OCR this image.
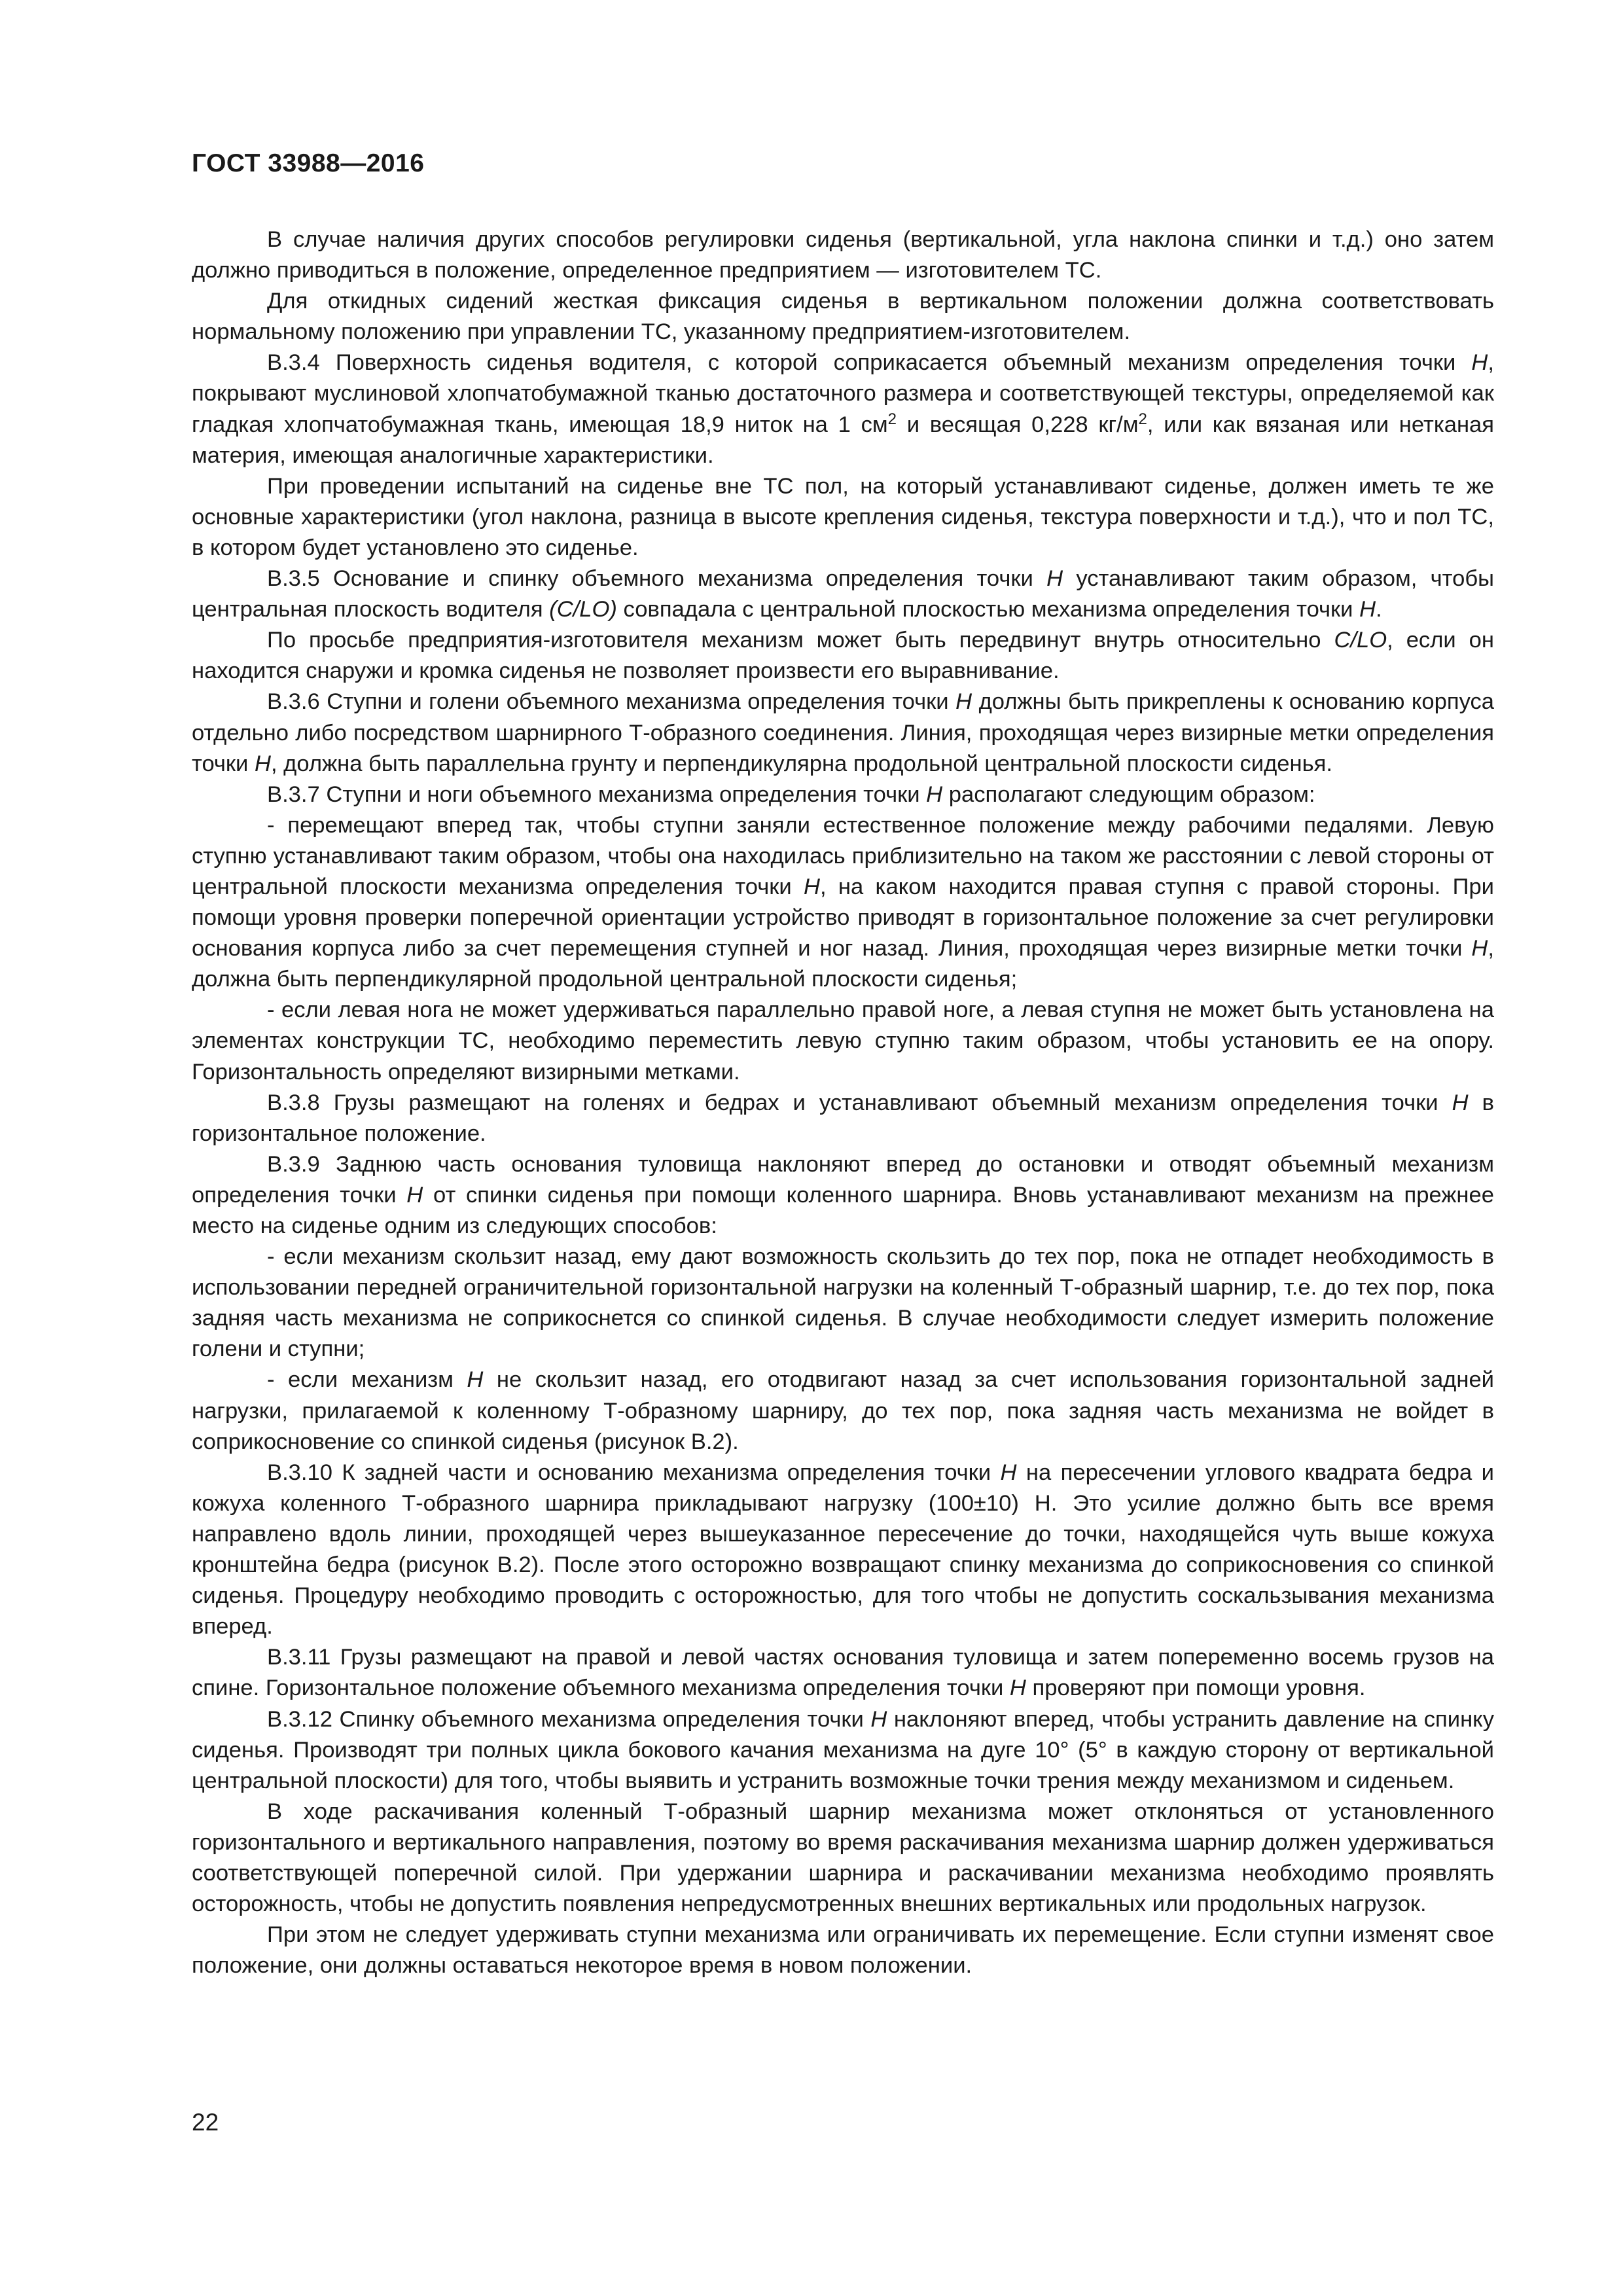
ГОСТ 33988—2016

В случае наличия других способов регулировки сиденья (вертикальной, угла наклона спинки и т.д.) оно затем должно приводиться в положение, определенное предприятием — изготовителем ТС.

Для откидных сидений жесткая фиксация сиденья в вертикальном положении должна соответствовать нормальному положению при управлении ТС, указанному предприятием-изготовителем.

В.3.4 Поверхность сиденья водителя, с которой соприкасается объемный механизм определения точки Н, покрывают муслиновой хлопчатобумажной тканью достаточного размера и соответствующей текстуры, определяемой как гладкая хлопчатобумажная ткань, имеющая 18,9 ниток на 1 $см^2$ и весящая 0,228 $кг/м^2$, или как вязаная или нетканая материя, имеющая аналогичные характеристики.

При проведении испытаний на сиденье вне ТС пол, на который устанавливают сиденье, должен иметь те же основные характеристики (угол наклона, разница в высоте крепления сиденья, текстура поверхности и т.д.), что и пол ТС, в котором будет установлено это сиденье.

В.3.5 Основание и спинку объемного механизма определения точки Н устанавливают таким образом, чтобы центральная плоскость водителя (C/LO) совпадала с центральной плоскостью механизма определения точки Н.

По просьбе предприятия-изготовителя механизм может быть передвинут внутрь относительно C/LO, если он находится снаружи и кромка сиденья не позволяет произвести его выравнивание.

В.3.6 Ступни и голени объемного механизма определения точки Н должны быть прикреплены к основанию корпуса отдельно либо посредством шарнирного Т-образного соединения. Линия, проходящая через визирные метки определения точки Н, должна быть параллельна грунту и перпендикулярна продольной центральной плоскости сиденья.

В.3.7 Ступни и ноги объемного механизма определения точки Н располагают следующим образом:

- перемещают вперед так, чтобы ступни заняли естественное положение между рабочими педалями. Левую ступню устанавливают таким образом, чтобы она находилась приблизительно на таком же расстоянии с левой стороны от центральной плоскости механизма определения точки Н, на каком находится правая ступня с правой стороны. При помощи уровня проверки поперечной ориентации устройство приводят в горизонтальное положение за счет регулировки основания корпуса либо за счет перемещения ступней и ног назад. Линия, проходящая через визирные метки точки Н, должна быть перпендикулярной продольной центральной плоскости сиденья;

- если левая нога не может удерживаться параллельно правой ноге, а левая ступня не может быть установлена на элементах конструкции ТС, необходимо переместить левую ступню таким образом, чтобы установить ее на опору. Горизонтальность определяют визирными метками.

В.3.8 Грузы размещают на голенях и бедрах и устанавливают объемный механизм определения точки Н в горизонтальное положение.

В.3.9 Заднюю часть основания туловища наклоняют вперед до остановки и отводят объемный механизм определения точки Н от спинки сиденья при помощи коленного шарнира. Вновь устанавливают механизм на прежнее место на сиденье одним из следующих способов:

- если механизм скользит назад, ему дают возможность скользить до тех пор, пока не отпадет необходимость в использовании передней ограничительной горизонтальной нагрузки на коленный Т-образный шарнир, т.е. до тех пор, пока задняя часть механизма не соприкоснется со спинкой сиденья. В случае необходимости следует измерить положение голени и ступни;

- если механизм Н не скользит назад, его отодвигают назад за счет использования горизонтальной задней нагрузки, прилагаемой к коленному Т-образному шарниру, до тех пор, пока задняя часть механизма не войдет в соприкосновение со спинкой сиденья (рисунок В.2).

В.3.10 К задней части и основанию механизма определения точки Н на пересечении углового квадрата бедра и кожуха коленного Т-образного шарнира прикладывают нагрузку (100±10) Н. Это усилие должно быть все время направлено вдоль линии, проходящей через вышеуказанное пересечение до точки, находящейся чуть выше кожуха кронштейна бедра (рисунок В.2). После этого осторожно возвращают спинку механизма до соприкосновения со спинкой сиденья. Процедуру необходимо проводить с осторожностью, для того чтобы не допустить соскальзывания механизма вперед.

В.3.11 Грузы размещают на правой и левой частях основания туловища и затем попеременно восемь грузов на спине. Горизонтальное положение объемного механизма определения точки Н проверяют при помощи уровня.

В.3.12 Спинку объемного механизма определения точки Н наклоняют вперед, чтобы устранить давление на спинку сиденья. Производят три полных цикла бокового качания механизма на дуге 10° (5° в каждую сторону от вертикальной центральной плоскости) для того, чтобы выявить и устранить возможные точки трения между механизмом и сиденьем.

В ходе раскачивания коленный Т-образный шарнир механизма может отклоняться от установленного горизонтального и вертикального направления, поэтому во время раскачивания механизма шарнир должен удерживаться соответствующей поперечной силой. При удержании шарнира и раскачивании механизма необходимо проявлять осторожность, чтобы не допустить появления непредусмотренных внешних вертикальных или продольных нагрузок.

При этом не следует удерживать ступни механизма или ограничивать их перемещение. Если ступни изменят свое положение, они должны оставаться некоторое время в новом положении.

22
